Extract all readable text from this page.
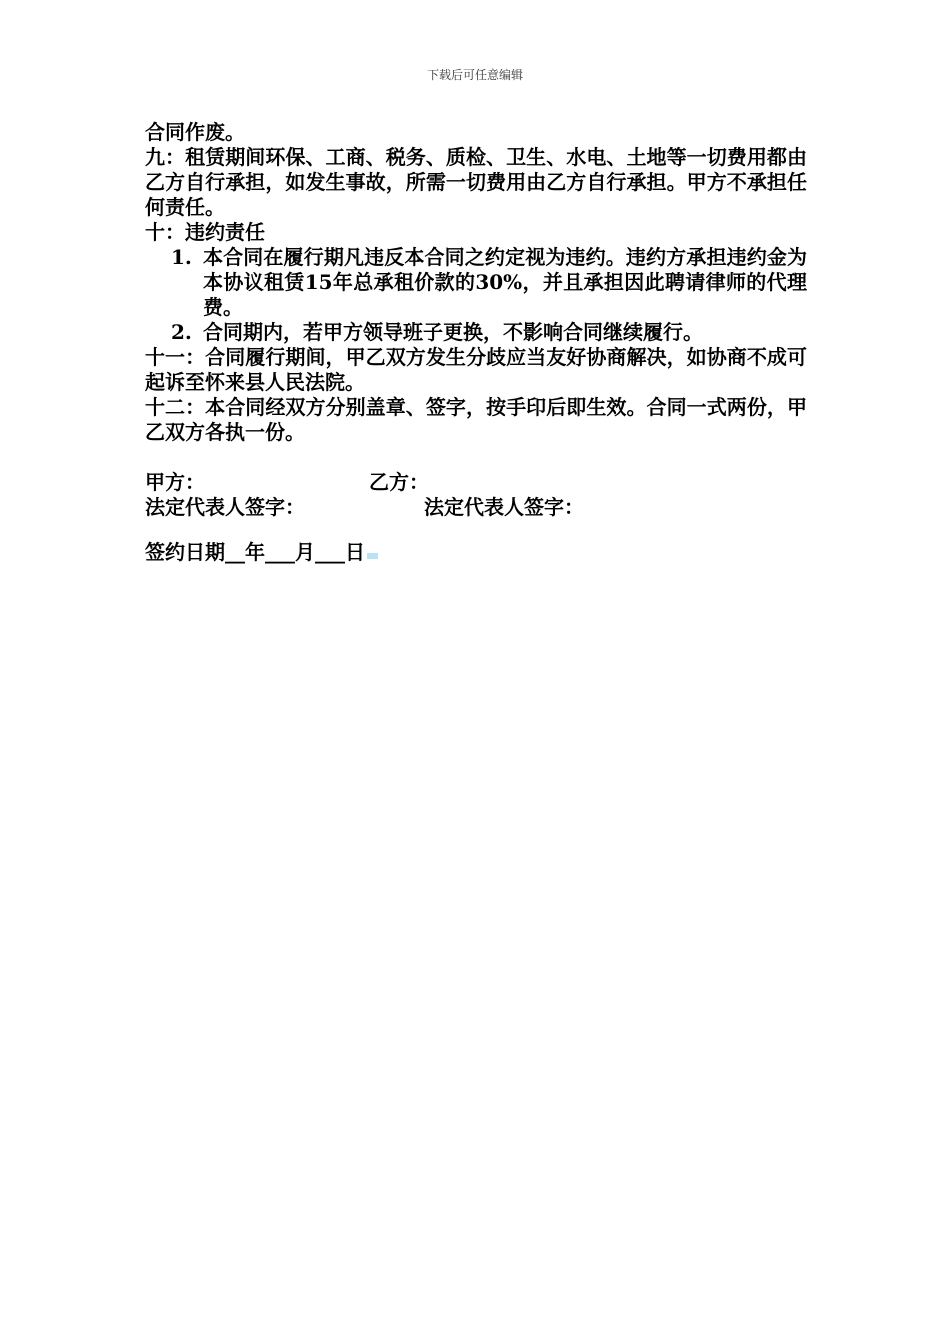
下载后可任意编辑

合同作废。

九：租赁期间环保、工商、税务、质检、卫生、水电、土地等一切费用都由乙方自行承担，如发生事故，所需一切费用由乙方自行承担。甲方不承担任何责任。

十：违约责任

1. 本合同在履行期凡违反本合同之约定视为违约。违约方承担违约金为本协议租赁15年总承租价款的30%，并且承担因此聘请律师的代理费。
2. 合同期内，若甲方领导班子更换，不影响合同继续履行。

十一：合同履行期间，甲乙双方发生分歧应当友好协商解决，如协商不成可起诉至怀来县人民法院。

十二：本合同经双方分别盖章、签字，按手印后即生效。合同一式两份，甲乙双方各执一份。

甲方：	乙方：
法定代表人签字：	法定代表人签字：
签约日期__年___月___日
